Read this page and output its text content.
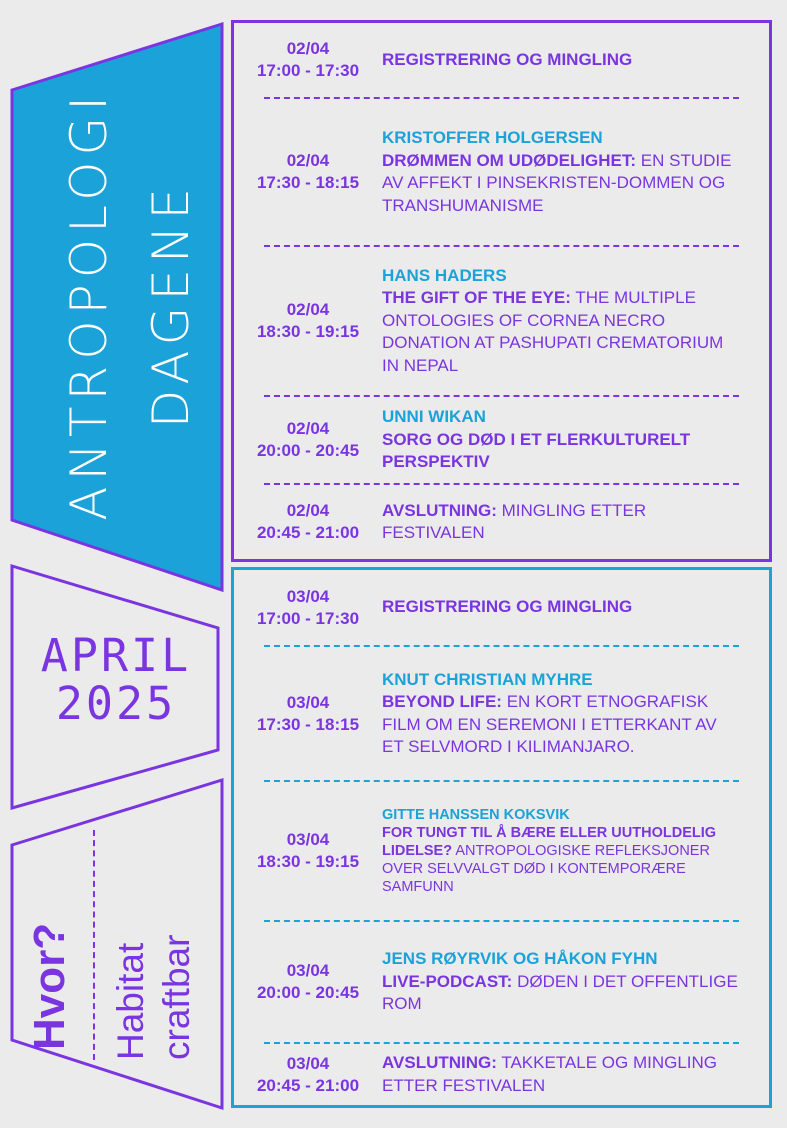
ANTROPOLOGI DAGENE
APRIL
2025
Hvor? Habitat craftbar
02/04
17:00 - 17:30
REGISTRERING OG MINGLING
02/04
17:30 - 18:15
KRISTOFFER HOLGERSEN
DRØMMEN OM UDØDELIGHET: EN STUDIE AV AFFEKT I PINSEKRISTEN-DOMMEN OG TRANSHUMANISME
02/04
18:30 - 19:15
HANS HADERS
THE GIFT OF THE EYE: THE MULTIPLE ONTOLOGIES OF CORNEA NECRO DONATION AT PASHUPATI CREMATORIUM IN NEPAL
02/04
20:00 - 20:45
UNNI WIKAN
SORG OG DØD I ET FLERKULTURELT PERSPEKTIV
02/04
20:45 - 21:00
AVSLUTNING: MINGLING ETTER FESTIVALEN
03/04
17:00 - 17:30
REGISTRERING OG MINGLING
03/04
17:30 - 18:15
KNUT CHRISTIAN MYHRE
BEYOND LIFE: EN KORT ETNOGRAFISK FILM OM EN SEREMONI I ETTERKANT AV ET SELVMORD I KILIMANJARO.
03/04
18:30 - 19:15
GITTE HANSSEN KOKSVIK
FOR TUNGT TIL Å BÆRE ELLER UUTHOLDELIG LIDELSE? ANTROPOLOGISKE REFLEKSJONER OVER SELVVALGT DØD I KONTEMPORÆRE SAMFUNN
03/04
20:00 - 20:45
JENS RØYRVIK OG HÅKON FYHN
LIVE-PODCAST: DØDEN I DET OFFENTLIGE ROM
03/04
20:45 - 21:00
AVSLUTNING: TAKKETALE OG MINGLING ETTER FESTIVALEN
